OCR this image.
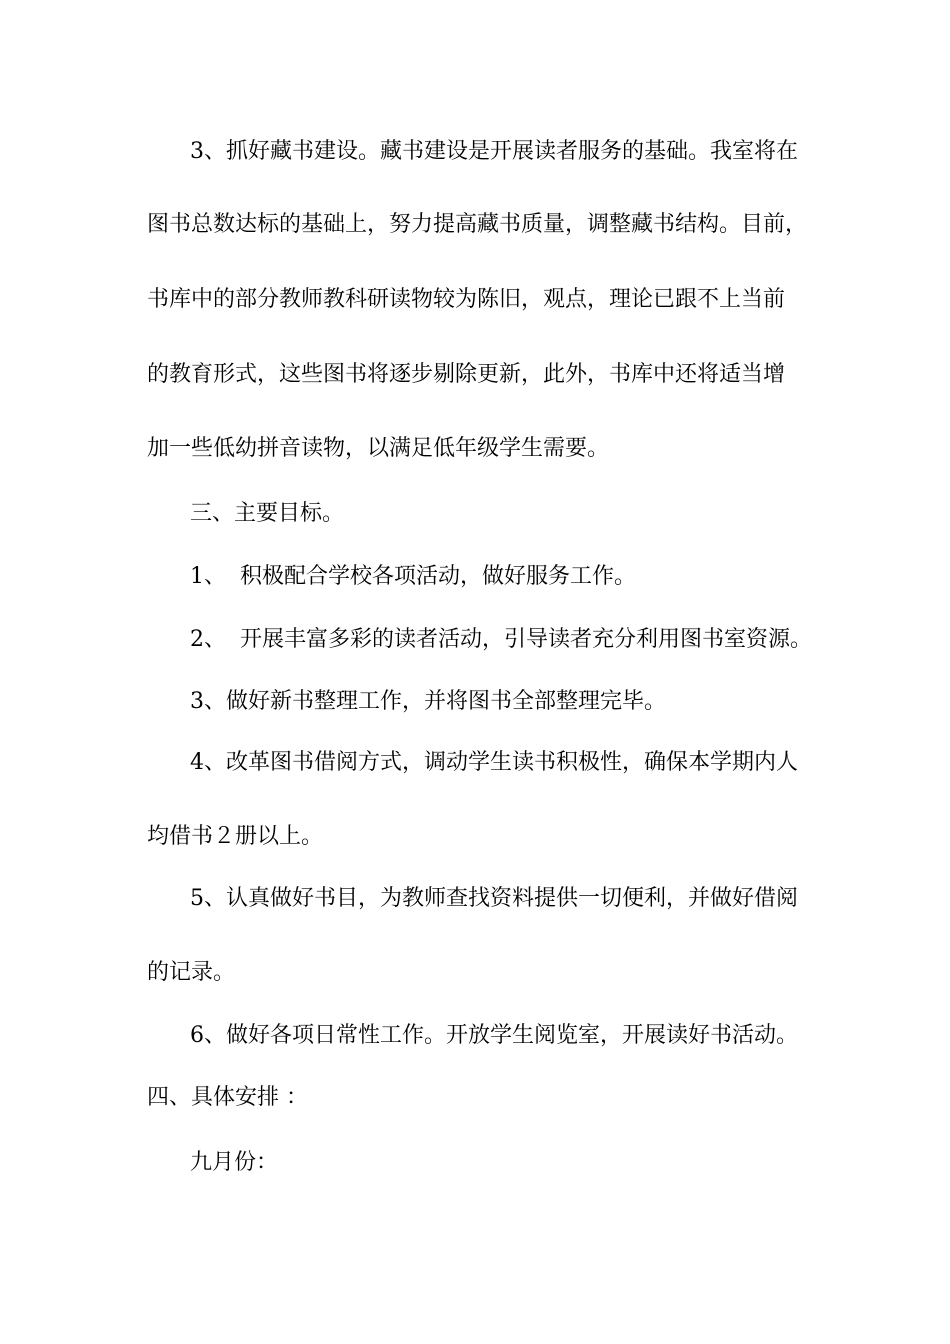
3、抓好藏书建设。藏书建设是开展读者服务的基础。我室将在

图书总数达标的基础上，努力提高藏书质量，调整藏书结构。目前，

书库中的部分教师教科研读物较为陈旧，观点，理论已跟不上当前

的教育形式，这些图书将逐步剔除更新，此外，书库中还将适当增

加一些低幼拼音读物，以满足低年级学生需要。

三、主要目标。

1、  积极配合学校各项活动，做好服务工作。

2、  开展丰富多彩的读者活动，引导读者充分利用图书室资源。

3、做好新书整理工作，并将图书全部整理完毕。

4、改革图书借阅方式，调动学生读书积极性，确保本学期内人

均借书２册以上。

5、认真做好书目，为教师查找资料提供一切便利，并做好借阅

的记录。

6、做好各项日常性工作。开放学生阅览室，开展读好书活动。

四、具体安排 ：

九月份：
